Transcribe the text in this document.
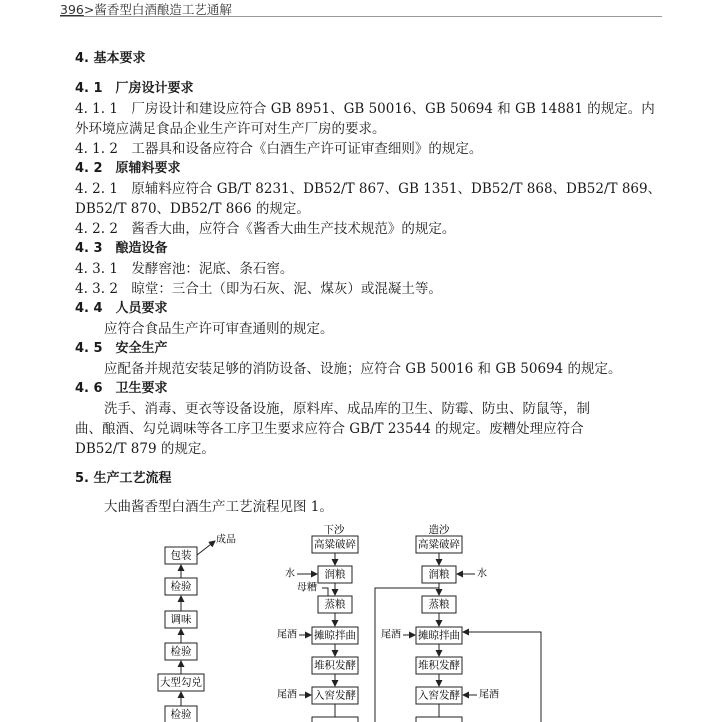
396>酱香型白酒酿造工艺通解
4. 基本要求
4. 1　厂房设计要求
4. 1. 1　厂房设计和建设应符合 GB 8951、GB 50016、GB 50694 和 GB 14881 的规定。内
外环境应满足食品企业生产许可对生产厂房的要求。
4. 1. 2　工器具和设备应符合《白酒生产许可证审查细则》的规定。
4. 2　原辅料要求
4. 2. 1　原辅料应符合 GB/T 8231、DB52/T 867、GB 1351、DB52/T 868、DB52/T 869、
DB52/T 870、DB52/T 866 的规定。
4. 2. 2　酱香大曲，应符合《酱香大曲生产技术规范》的规定。
4. 3　酿造设备
4. 3. 1　发酵窖池：泥底、条石窖。
4. 3. 2　晾堂：三合土（即为石灰、泥、煤灰）或混凝土等。
4. 4　人员要求
应符合食品生产许可审查通则的规定。
4. 5　安全生产
应配备并规范安装足够的消防设备、设施；应符合 GB 50016 和 GB 50694 的规定。
4. 6　卫生要求
洗手、消毒、更衣等设备设施，原料库、成品库的卫生、防霉、防虫、防鼠等，制
曲、酿酒、勾兑调味等各工序卫生要求应符合 GB/T 23544 的规定。废糟处理应符合
DB52/T 879 的规定。
5. 生产工艺流程
大曲酱香型白酒生产工艺流程见图 1。
包装
成品
检验
调味
检验
大型勾兑
检验
下沙
高粱破碎
润粮
水
母糟
蒸粮
摊晾拌曲
尾酒
堆积发酵
入窖发酵
尾酒
造沙
高粱破碎
润粮	水
蒸粮
摊晾拌曲
尾酒
堆积发酵
入窖发酵 尾酒
